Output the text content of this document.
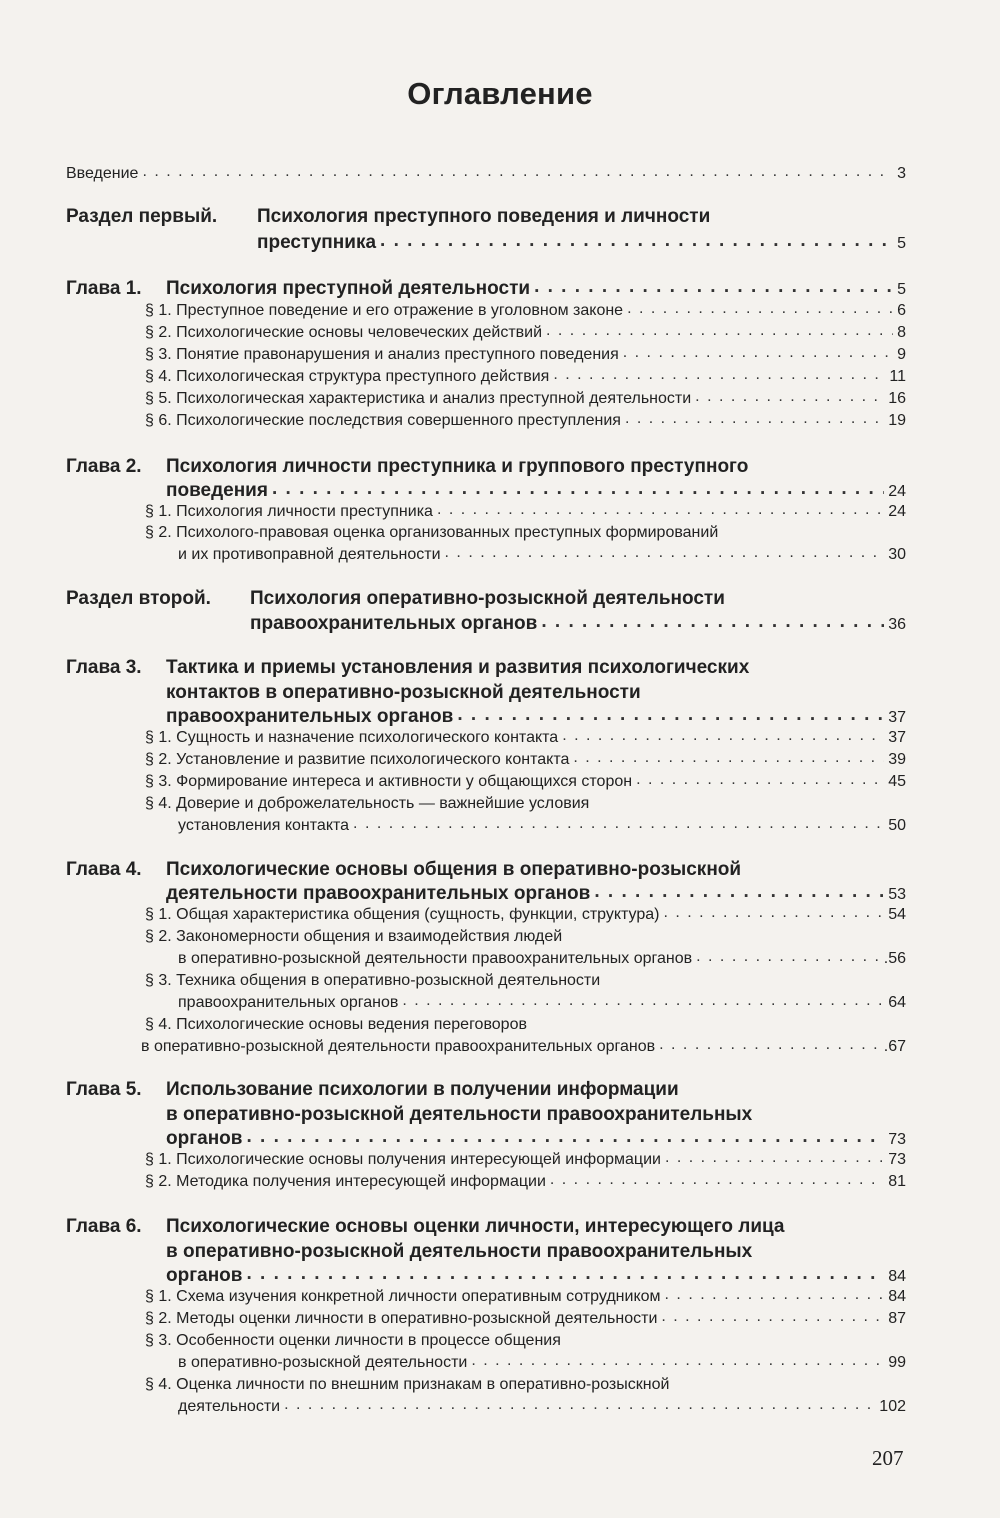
Оглавление
Введение . . .	3
Раздел первый. Психология преступного поведения и личности
преступника . . .	5
Глава 1. Психология преступной деятельности . . .	5
§ 1. Преступное поведение и его отражение в уголовном законе . . .	6
§ 2. Психологические основы человеческих действий . . .	8
§ 3. Понятие правонарушения и анализ преступного поведения . . .	9
§ 4. Психологическая структура преступного действия . . .	11
§ 5. Психологическая характеристика и анализ преступной деятельности . . .	16
§ 6. Психологические последствия совершенного преступления . . .	19
Глава 2. Психология личности преступника и группового преступного
поведения . . .	24
§ 1. Психология личности преступника . . .	24
§ 2. Психолого-правовая оценка организованных преступных формирований
и их противоправной деятельности . . .	30
Раздел второй. Психология оперативно-розыскной деятельности
правоохранительных органов . . .	36
Глава 3. Тактика и приемы установления и развития психологических
контактов в оперативно-розыскной деятельности
правоохранительных органов . . .	37
§ 1. Сущность и назначение психологического контакта . . .	37
§ 2. Установление и развитие психологического контакта . . .	39
§ 3. Формирование интереса и активности у общающихся сторон . . .	45
§ 4. Доверие и доброжелательность — важнейшие условия
установления контакта . . .	50
Глава 4. Психологические основы общения в оперативно-розыскной
деятельности правоохранительных органов . . .	53
§ 1. Общая характеристика общения (сущность, функции, структура) . . .	54
§ 2. Закономерности общения и взаимодействия людей
в оперативно-розыскной деятельности правоохранительных органов . . .	.56
§ 3. Техника общения в оперативно-розыскной деятельности
правоохранительных органов . . .	64
§ 4. Психологические основы ведения переговоров
в оперативно-розыскной деятельности правоохранительных органов . . .	.67
Глава 5. Использование психологии в получении информации
в оперативно-розыскной деятельности правоохранительных
органов . . .	73
§ 1. Психологические основы получения интересующей информации . . .	73
§ 2. Методика получения интересующей информации . . .	81
Глава 6. Психологические основы оценки личности, интересующего лица
в оперативно-розыскной деятельности правоохранительных
органов . . .	84
§ 1. Схема изучения конкретной личности оперативным сотрудником . . .	84
§ 2. Методы оценки личности в оперативно-розыскной деятельности . . .	87
§ 3. Особенности оценки личности в процессе общения
в оперативно-розыскной деятельности . . .	99
§ 4. Оценка личности по внешним признакам в оперативно-розыскной
деятельности . . .	102
207
